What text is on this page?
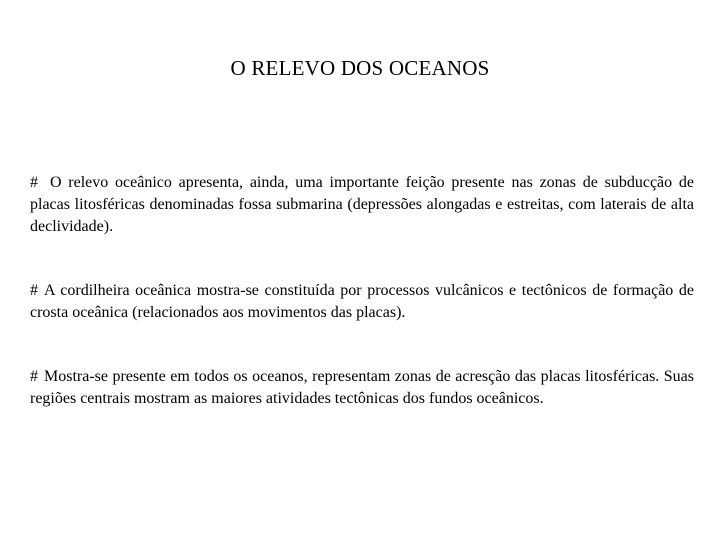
O RELEVO DOS OCEANOS

# O relevo oceânico apresenta, ainda, uma importante feição presente nas zonas de subducção de placas litosféricas denominadas fossa submarina (depressões alongadas e estreitas, com laterais de alta declividade).

# A cordilheira oceânica mostra-se constituída por processos vulcânicos e tectônicos de formação de crosta oceânica (relacionados aos movimentos das placas).

# Mostra-se presente em todos os oceanos, representam zonas de acresção das placas litosféricas. Suas regiões centrais mostram as maiores atividades tectônicas dos fundos oceânicos.
